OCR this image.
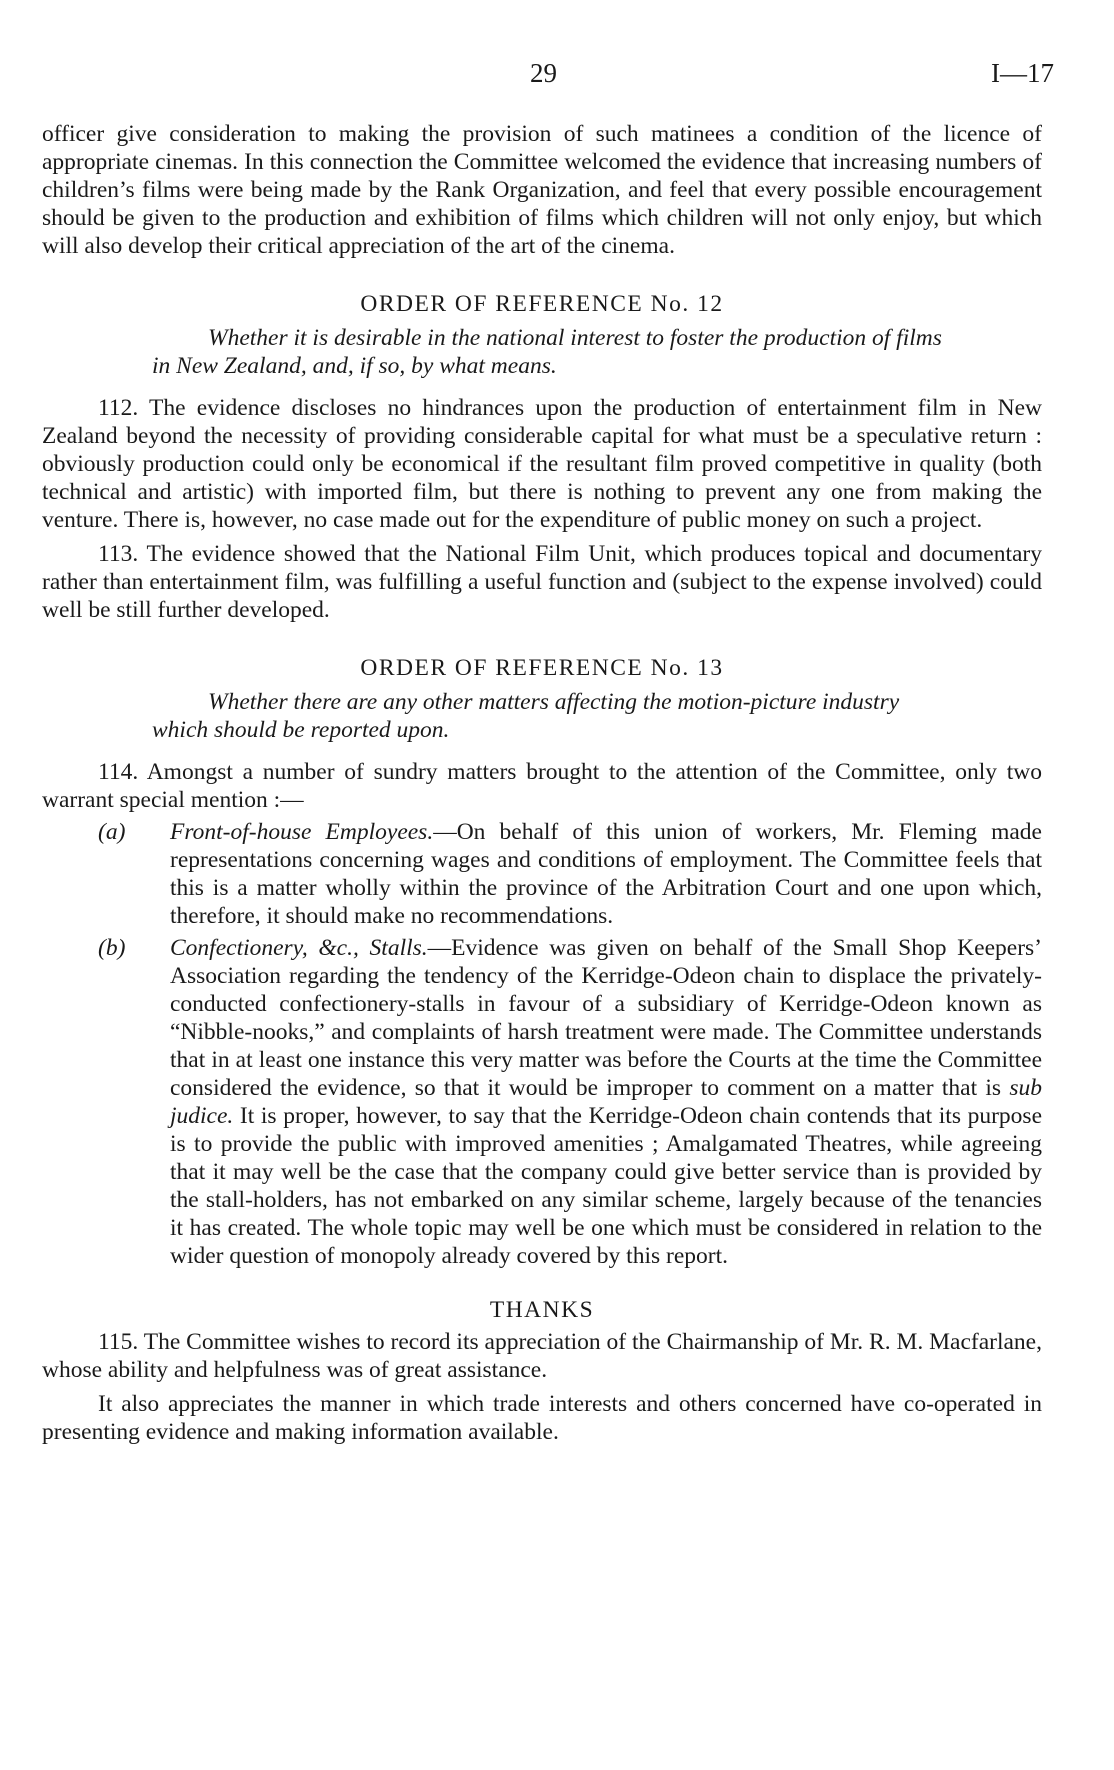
29	I—17

officer give consideration to making the provision of such matinees a condition of the licence of appropriate cinemas. In this connection the Committee welcomed the evidence that increasing numbers of children’s films were being made by the Rank Organization, and feel that every possible encouragement should be given to the production and exhibition of films which children will not only enjoy, but which will also develop their critical appreciation of the art of the cinema.

ORDER OF REFERENCE No. 12

Whether it is desirable in the national interest to foster the production of films in New Zealand, and, if so, by what means.

112. The evidence discloses no hindrances upon the production of entertainment film in New Zealand beyond the necessity of providing considerable capital for what must be a speculative return : obviously production could only be economical if the resultant film proved competitive in quality (both technical and artistic) with imported film, but there is nothing to prevent any one from making the venture. There is, however, no case made out for the expenditure of public money on such a project.

113. The evidence showed that the National Film Unit, which produces topical and documentary rather than entertainment film, was fulfilling a useful function and (subject to the expense involved) could well be still further developed.

ORDER OF REFERENCE No. 13

Whether there are any other matters affecting the motion-picture industry which should be reported upon.

114. Amongst a number of sundry matters brought to the attention of the Committee, only two warrant special mention :—

(a) Front-of-house Employees.—On behalf of this union of workers, Mr. Fleming made representations concerning wages and conditions of employment. The Committee feels that this is a matter wholly within the province of the Arbitration Court and one upon which, therefore, it should make no recommendations.

(b) Confectionery, &c., Stalls.—Evidence was given on behalf of the Small Shop Keepers’ Association regarding the tendency of the Kerridge-Odeon chain to displace the privately-conducted confectionery-stalls in favour of a subsidiary of Kerridge-Odeon known as “Nibble-nooks,” and complaints of harsh treatment were made. The Committee understands that in at least one instance this very matter was before the Courts at the time the Committee considered the evidence, so that it would be improper to comment on a matter that is sub judice. It is proper, however, to say that the Kerridge-Odeon chain contends that its purpose is to provide the public with improved amenities ; Amalgamated Theatres, while agreeing that it may well be the case that the company could give better service than is provided by the stall-holders, has not embarked on any similar scheme, largely because of the tenancies it has created. The whole topic may well be one which must be considered in relation to the wider question of monopoly already covered by this report.

THANKS

115. The Committee wishes to record its appreciation of the Chairmanship of Mr. R. M. Macfarlane, whose ability and helpfulness was of great assistance.

It also appreciates the manner in which trade interests and others concerned have co-operated in presenting evidence and making information available.
